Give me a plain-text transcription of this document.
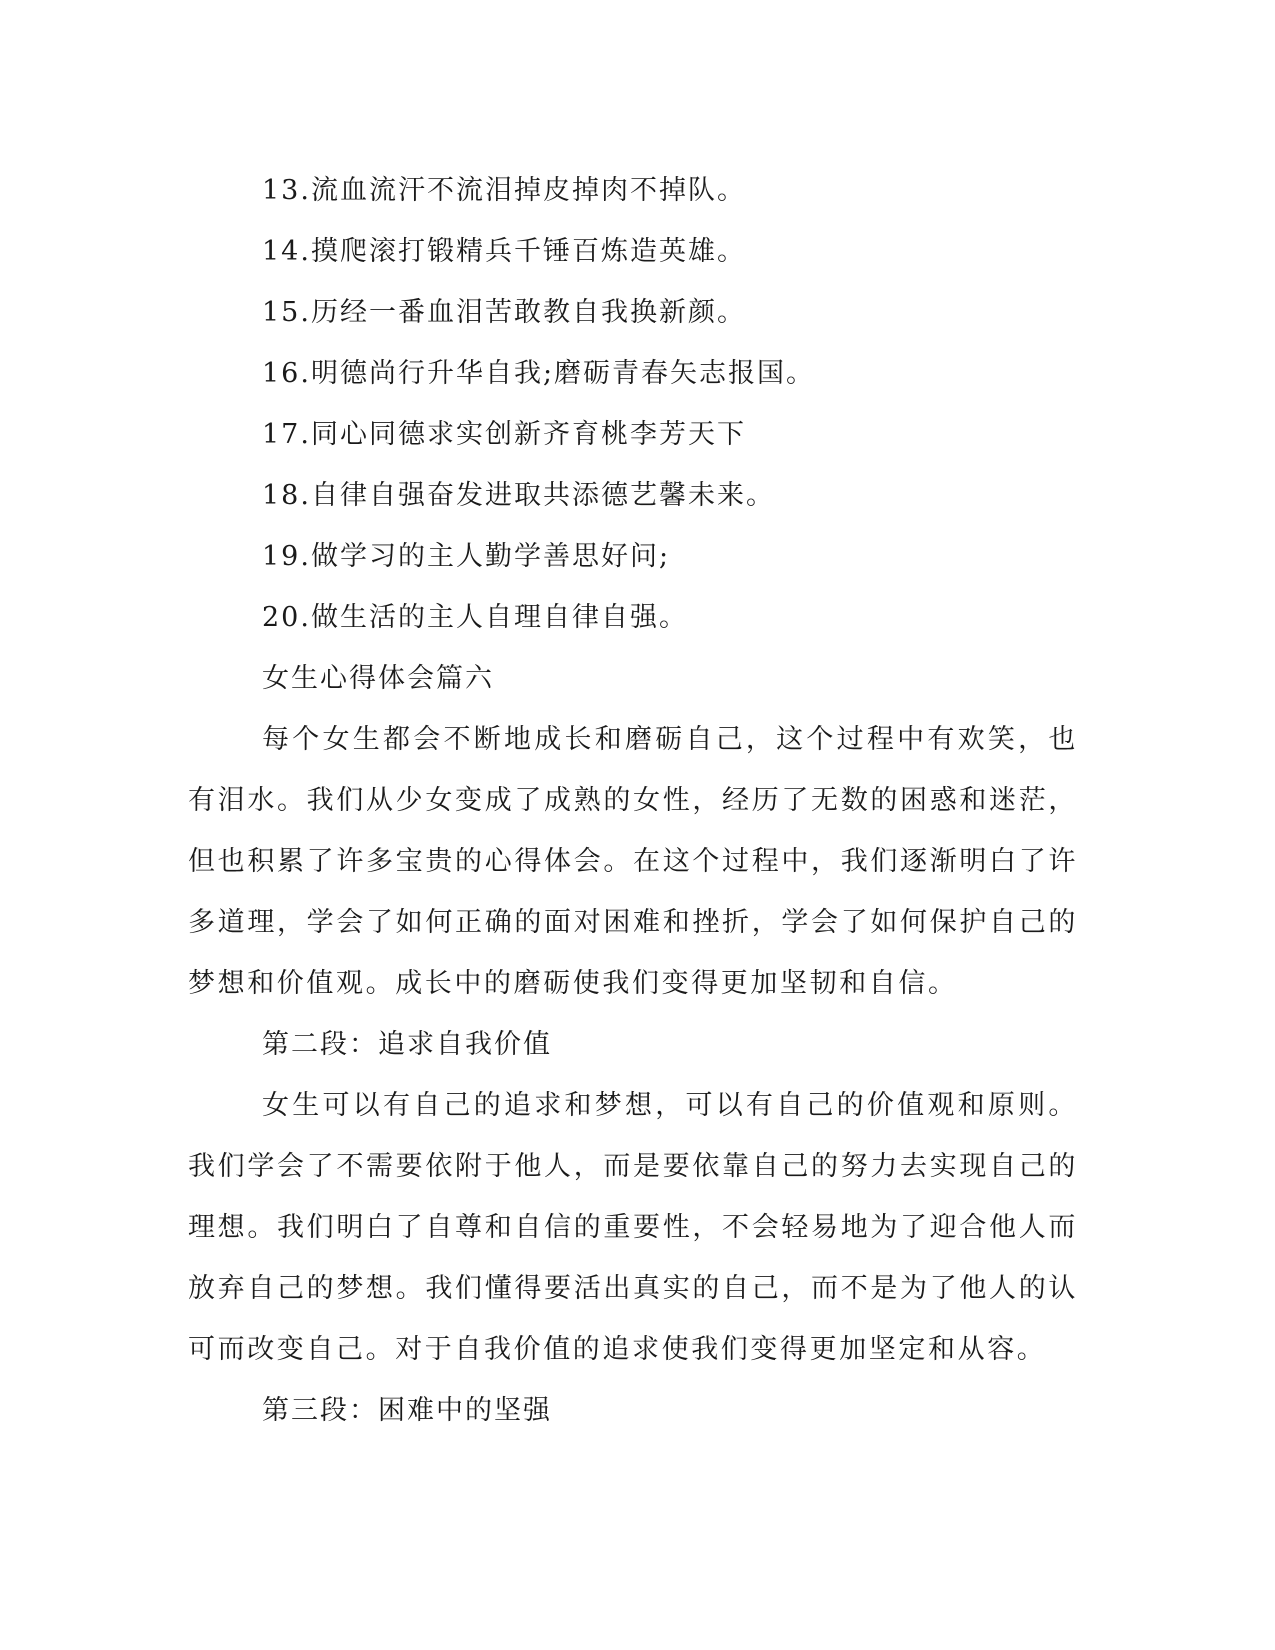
13.流血流汗不流泪掉皮掉肉不掉队。

14.摸爬滚打锻精兵千锤百炼造英雄。

15.历经一番血泪苦敢教自我换新颜。

16.明德尚行升华自我;磨砺青春矢志报国。

17.同心同德求实创新齐育桃李芳天下

18.自律自强奋发进取共添德艺馨未来。

19.做学习的主人勤学善思好问;

20.做生活的主人自理自律自强。

女生心得体会篇六

每个女生都会不断地成长和磨砺自己，这个过程中有欢笑，也有泪水。我们从少女变成了成熟的女性，经历了无数的困惑和迷茫，但也积累了许多宝贵的心得体会。在这个过程中，我们逐渐明白了许多道理，学会了如何正确的面对困难和挫折，学会了如何保护自己的梦想和价值观。成长中的磨砺使我们变得更加坚韧和自信。

第二段：追求自我价值

女生可以有自己的追求和梦想，可以有自己的价值观和原则。我们学会了不需要依附于他人，而是要依靠自己的努力去实现自己的理想。我们明白了自尊和自信的重要性，不会轻易地为了迎合他人而放弃自己的梦想。我们懂得要活出真实的自己，而不是为了他人的认可而改变自己。对于自我价值的追求使我们变得更加坚定和从容。

第三段：困难中的坚强
